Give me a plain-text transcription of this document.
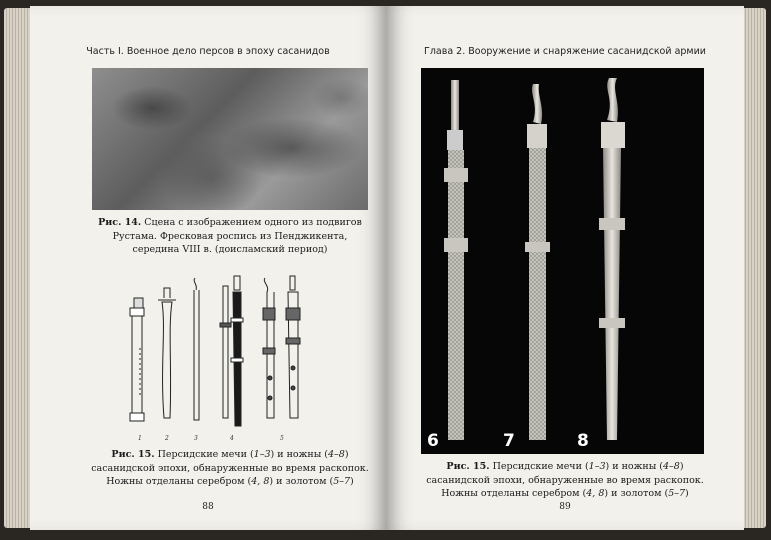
Часть I. Военное дело персов в эпоху сасанидов
Рис. 14. Сцена с изображением одного из подвигов
Рустама. Фресковая роспись из Пенджикента,
середина VIII в. (доисламский период)
1	2	3	4	5
Рис. 15. Персидские мечи (1–3) и ножны (4–8)
сасанидской эпохи, обнаруженные во время раскопок.
Ножны отделаны серебром (4, 8) и золотом (5–7)
88
Глава 2. Вооружение и снаряжение сасанидской армии
6	7	8
Рис. 15. Персидские мечи (1–3) и ножны (4–8)
сасанидской эпохи, обнаруженные во время раскопок.
Ножны отделаны серебром (4, 8) и золотом (5–7)
89
